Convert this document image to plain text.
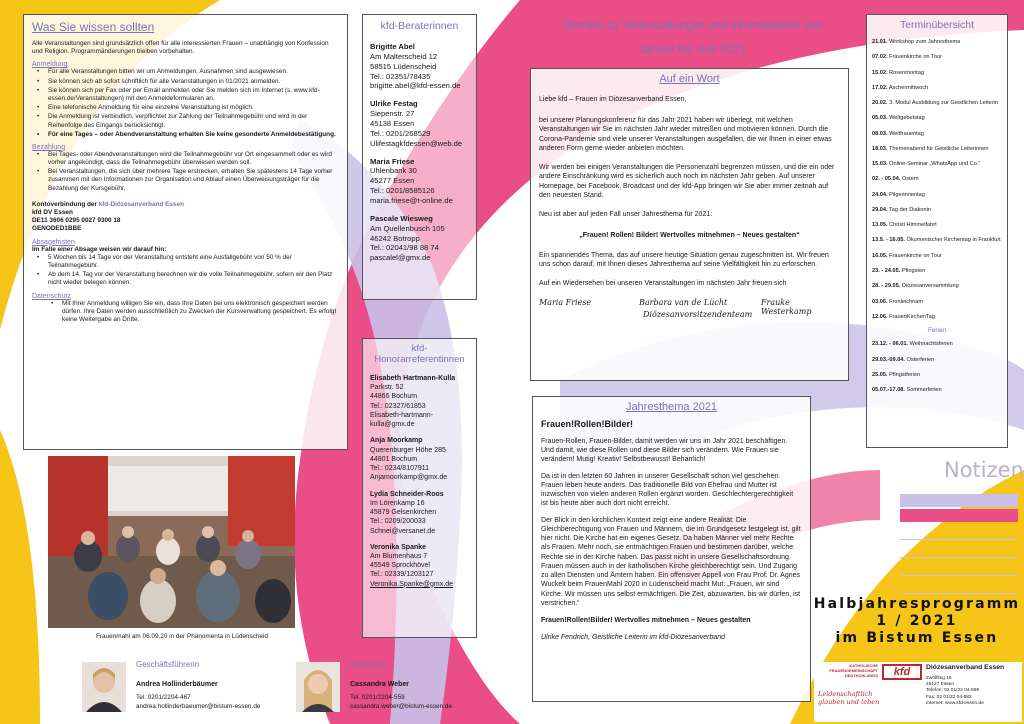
Was Sie wissen sollten
Alle Veranstaltungen sind grundsätzlich offen für alle interessierten Frauen – unabhängig von Konfession und Religion. Programmänderungen bleiben vorbehalten.
Anmeldung
• Für alle Veranstaltungen bitten wir um Anmeldungen. Ausnahmen sind ausgewiesen.
• Sie können sich ab sofort schriftlich für alle Veranstaltungen in 01/2021 anmelden.
• Sie können sich per Fax oder per Email anmelden oder Sie melden sich im Internet (s. www.kfd-essen.de/Veranstaltungen) mit den Anmeldeformularen an.
• Eine telefonische Anmeldung für eine einzelne Veranstaltung ist möglich.
• Die Anmeldung ist verbindlich, verpflichtet zur Zahlung der Teilnahmegebühr und wird in der Reihenfolge des Eingangs berücksichtigt.
• Für eine Tages – oder Abendveranstaltung erhalten Sie keine gesonderte Anmeldebestätigung.
Bezahlung
• Bei Tages- oder Abendveranstaltungen wird die Teilnahmegebühr vor Ort eingesammelt oder es wird vorher angekündigt, dass die Teilnahmegebühr überwiesen werden soll.
• Bei Veranstaltungen, die sich über mehrere Tage erstrecken, erhalten Sie spätestens 14 Tage vorher zusammen mit den Informationen zur Organisation und Ablauf einen Überweisungsträger für die Bezahlung der Kursgebühr.
Kontoverbindung der kfd-Diözesanverband Essen
kfd DV Essen
DE11 3606 0295 0027 9300 18
GENODED1BBE
Absagefristen
Im Falle einer Absage weisen wir darauf hin:
• 5 Wochen bis 14 Tage vor der Veranstaltung entsteht eine Ausfallgebühr von 50 % der Teilnahmegebühr.
• Ab dem 14. Tag vor der Veranstaltung berechnen wir die volle Teilnahmegebühr, sofern wir den Platz nicht wieder belegen können.
Datenschutz
• Mit Ihrer Anmeldung willigen Sie ein, dass Ihre Daten bei uns elektronisch gespeichert werden dürfen. Ihre Daten werden ausschließlich zu Zwecken der Kursverwaltung gespeichert. Es erfolgt keine Weitergabe an Dritte.
Frauenmahl am 06.09.20 in der Phänomenta in Lüdenscheid
Geschäftsführerin
Andrea Hollinderbäumer
Tel. 0201/2204-467
andrea.hollinderbaeumer@bistum-essen.de
Sekretärin
Cassandra Weber
Tel. 0201/2204-559
cassandra.weber@bistum-essen.de
kfd-Beraterinnen
Brigitte Abel
Am Malterscheid 12
58515 Lüdenscheid
Tel.: 02351/78435
brigitte.abel@kfd-essen.de
Ulrike Festag
Siepenstr. 27
45138 Essen
Tel.: 0201/268529
Ulifestagkfdessen@web.de
Maria Friese
Uhlenbank 30
45277 Essen
Tel.: 0201/8585126
maria.friese@t-online.de
Pascale Wiesweg
Am Quellenbusch 105
46242 Botropp
Tel.: 02041/98 88 74
pascalel@gmx.de
kfd-
Honorarreferentinnen
Elisabeth Hartmann-Kulla
Parkstr. 52
44866 Bochum
Tel.: 02327/61853
Elisabeth-hartmann-
kulla@gmx.de
Anja Moorkamp
Querenburger Höhe 285
44801 Bochum
Tel.: 0234/8107911
Anjamoorkamp@gmx.de
Lydia Schneider-Roos
Im Lörenkamp 16
45879 Gelsenkirchen
Tel.: 0209/200033
Schnei@versanet.de
Veronika Spanke
Am Blumenhaus 7
45549 Sprockhövel
Tel.: 02339/1203127
Veronika.Spanke@gmx.de
Termine zu Veranstaltungen und Informationen von
Januar bis Juni 2021
Auf ein Wort
Liebe kfd – Frauen im Diözesanverband Essen,
bei unserer Planungskonferenz für das Jahr 2021 haben wir überlegt, mit welchen Veranstaltungen wir Sie im nächsten Jahr wieder mitreißen und motivieren können. Durch die Corona-Pandemie sind viele unserer Veranstaltungen ausgefallen, die wir Ihnen in einer etwas anderen Form gerne wieder anbieten möchten.
Wir werden bei einigen Veranstaltungen die Personenzahl begrenzen müssen, und die ein oder andere Einschränkung wird es sicherlich auch noch im nächsten Jahr geben. Auf unserer Homepage, bei Facebook, Broadcast und der kfd-App bringen wir Sie aber immer zeitnah auf den neuesten Stand.
Neu ist aber auf jeden Fall unser Jahresthema für 2021:
„Frauen! Rollen! Bilder! Wertvolles mitnehmen – Neues gestalten“
Ein spannendes Thema, das auf unsere heutige Situation genau zugeschnitten ist. Wir freuen uns schon darauf, mit Ihnen dieses Jahresthema auf seine Vielfältigkeit hin zu erforschen.
Auf ein Wiedersehen bei unseren Veranstaltungen im nächsten Jahr freuen sich
Maria Friese	Barbara van de Lücht	Frauke Westerkamp
Diözesanvorsitzendenteam
Jahresthema 2021
Frauen!Rollen!Bilder!
Frauen-Rollen, Frauen-Bilder, damit werden wir uns im Jahr 2021 beschäftigen. Und damit, wie diese Rollen und diese Bilder sich verändern. Wie Frauen sie verändern! Mutig! Kreativ! Selbstbewusst! Beharrlich!
Da ist in den letzten 60 Jahren in unserer Gesellschaft schon viel geschehen. Frauen leben heute anders. Das traditionelle Bild von Ehefrau und Mutter ist inzwischen von vielen anderen Rollen ergänzt worden. Geschlechtergerechtigkeit ist bis heute aber auch dort nicht erreicht.
Der Blick in den kirchlichen Kontext zeigt eine andere Realität: Die Gleichberechtigung von Frauen und Männern, die im Grundgesetz festgelegt ist, gilt hier nicht. Die Kirche hat ein eigenes Gesetz. Da haben Männer viel mehr Rechte als Frauen. Mehr noch, sie entmächtigen Frauen und bestimmen darüber, welche Rechte sie in der Kirche haben. Das passt nicht in unsere Gesellschaftsordnung. Frauen müssen auch in der katholischen Kirche gleichberechtigt sein. Und Zugang zu allen Diensten und Ämtern haben. Ein offensiver Appell von Frau Prof. Dr. Agnes Wuckelt beim FrauenMahl 2020 in Lüdenscheid macht Mut: „Frauen, wir sind Kirche. Wir müssen uns selbst ermächtigen. Die Zeit, abzuwarten, bis wir dürfen, ist verstrichen.“
Frauen!Rollen!Bilder! Wertvolles mitnehmen – Neues gestalten
Ulrike Fendrich, Geistliche Leiterin im kfd-Diözesanverband
Terminübersicht
21.01. Workshop zum Jahresthema
07.02. Frauenkirche on Tour
15.02. Rosenmontag
17.02. Aschermittwoch
20.02. 3. Modul Ausbildung zur Geistlichen Leiterin
05.03. Weltgebetstag
08.03. Weltfrauentag
18.03. Themenabend für Geistliche Leiterinnen
15.03. Online-Seminar „WhatsApp und Co.“
02. - 05.04. Ostern
24.04. Pilgerinnentag
29.04. Tag der Diakonin
13.05. Christi Himmelfahrt
13.5. - 16.05. Ökumenischer Kirchentag in Frankfurt
16.05. Frauenkirche on Tour
23. - 24.05. Pfingsten
28. - 29.05. Diözesanversammlung
03.06. Fronleichnam
12.06. FrauenKirchenTag
Ferien
23.12. - 06.01. Weihnachtsferien
29.03.-09.04. Osterferien
25.05. Pfingstferien
05.07.-17.08. Sommerferien
Notizen
Halbjahresprogramm
1 / 2021
im Bistum Essen
KATHOLISCHE FRAUENGEMEINSCHAFT DEUTSCHLANDS	kfd	Diözesanverband Essen
Leidenschaftlich glauben und leben
Zwölfling 16
45127 Essen
Telefon: 02 01/22 04-559
Fax: 02 01/22 04-582
Internet: www.kfd-essen.de
